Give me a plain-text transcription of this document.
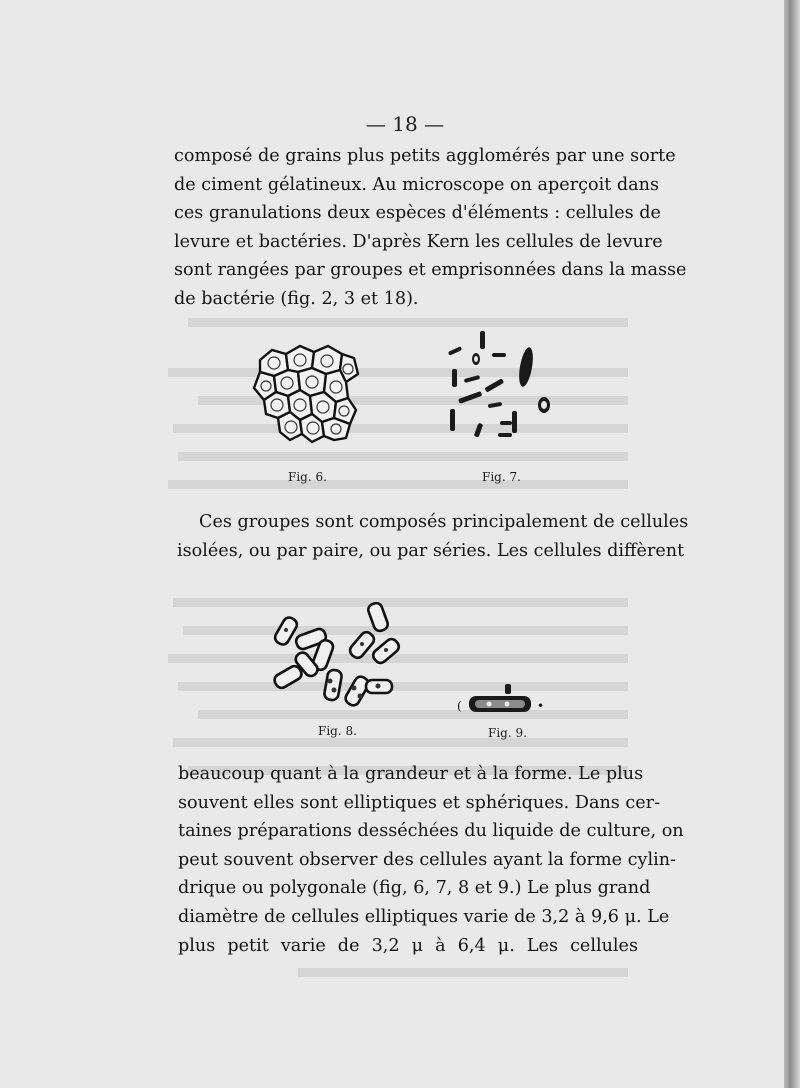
— 18 —
composé de grains plus petits agglomérés par une sorte
de ciment gélatineux. Au microscope on aperçoit dans
ces granulations deux espèces d'éléments : cellules de
levure et bactéries. D'après Kern les cellules de levure
sont rangées par groupes et emprisonnées dans la masse
de bactérie (fig. 2, 3 et 18).
Fig. 6.	Fig. 7.
Ces groupes sont composés principalement de cellules
isolées, ou par paire, ou par séries. Les cellules diffèrent
Fig. 8.
(	•
Fig. 9.
beaucoup quant à la grandeur et à la forme. Le plus
souvent elles sont elliptiques et sphériques. Dans cer-
taines préparations desséchées du liquide de culture, on
peut souvent observer des cellules ayant la forme cylin-
drique ou polygonale (fig, 6, 7, 8 et 9.) Le plus grand
diamètre de cellules elliptiques varie de 3,2 à 9,6 μ. Le
plus petit varie de 3,2 μ à 6,4 μ. Les cellules
